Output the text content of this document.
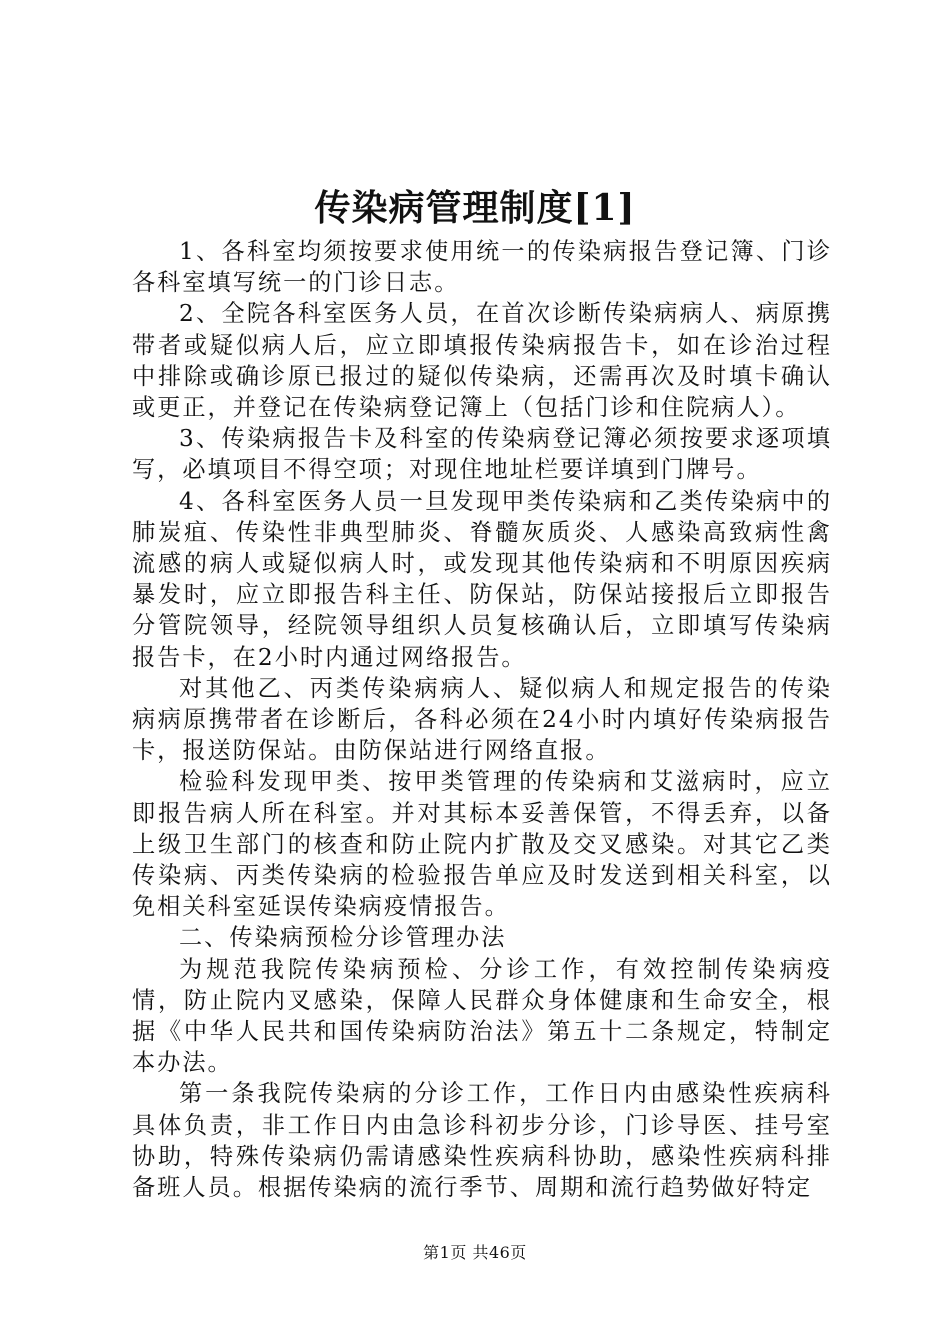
传染病管理制度[1]

1、各科室均须按要求使用统一的传染病报告登记簿、门诊各科室填写统一的门诊日志。

2、全院各科室医务人员，在首次诊断传染病病人、病原携带者或疑似病人后，应立即填报传染病报告卡，如在诊治过程中排除或确诊原已报过的疑似传染病，还需再次及时填卡确认或更正，并登记在传染病登记簿上（包括门诊和住院病人）。

3、传染病报告卡及科室的传染病登记簿必须按要求逐项填写，必填项目不得空项；对现住地址栏要详填到门牌号。

4、各科室医务人员一旦发现甲类传染病和乙类传染病中的肺炭疽、传染性非典型肺炎、脊髓灰质炎、人感染高致病性禽流感的病人或疑似病人时，或发现其他传染病和不明原因疾病暴发时，应立即报告科主任、防保站，防保站接报后立即报告分管院领导，经院领导组织人员复核确认后，立即填写传染病报告卡，在2小时内通过网络报告。

对其他乙、丙类传染病病人、疑似病人和规定报告的传染病病原携带者在诊断后，各科必须在24小时内填好传染病报告卡，报送防保站。由防保站进行网络直报。

检验科发现甲类、按甲类管理的传染病和艾滋病时，应立即报告病人所在科室。并对其标本妥善保管，不得丢弃，以备上级卫生部门的核查和防止院内扩散及交叉感染。对其它乙类传染病、丙类传染病的检验报告单应及时发送到相关科室，以免相关科室延误传染病疫情报告。

二、传染病预检分诊管理办法

为规范我院传染病预检、分诊工作，有效控制传染病疫情，防止院内叉感染，保障人民群众身体健康和生命安全，根据《中华人民共和国传染病防治法》第五十二条规定，特制定本办法。

第一条我院传染病的分诊工作，工作日内由感染性疾病科具体负责，非工作日内由急诊科初步分诊，门诊导医、挂号室协助，特殊传染病仍需请感染性疾病科协助，感染性疾病科排备班人员。根据传染病的流行季节、周期和流行趋势做好特定

第1页 共46页
